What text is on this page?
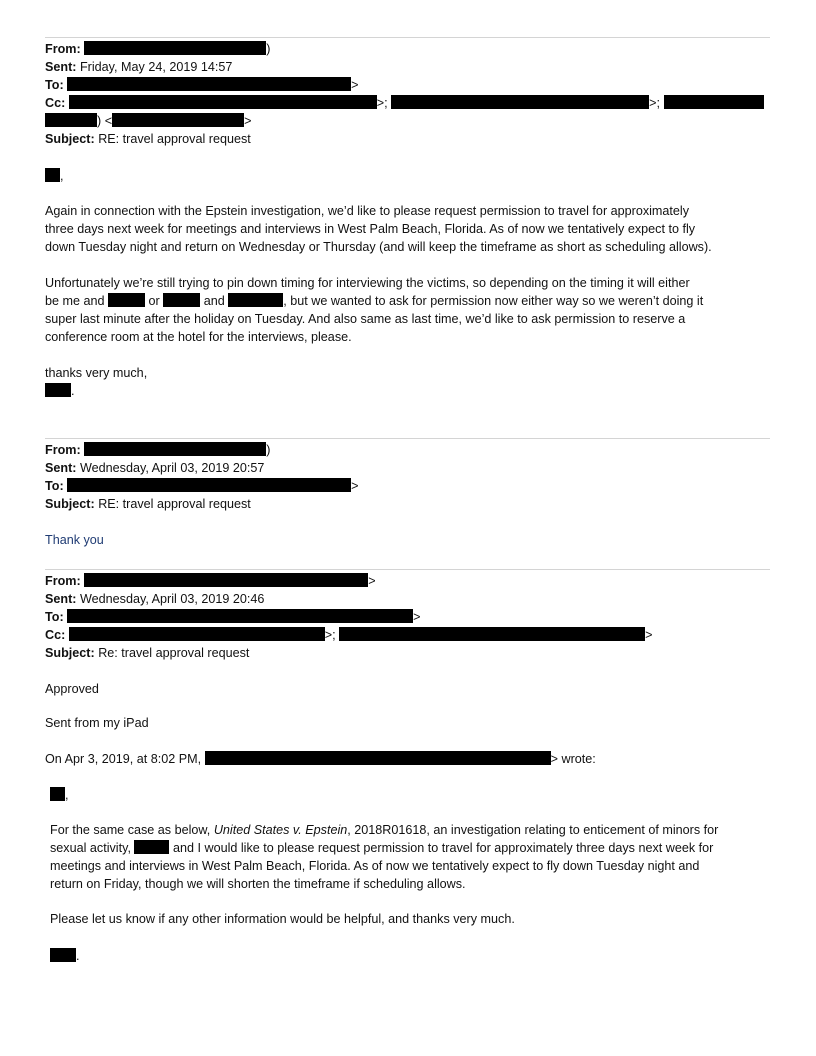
From:	)
Sent: Friday, May 24, 2019 14:57
To:	>
Cc:	>;	>;
) <	>
Subject: RE: travel approval request
,
Again in connection with the Epstein investigation, we’d like to please request permission to travel for approximately
three days next week for meetings and interviews in West Palm Beach, Florida. As of now we tentatively expect to fly
down Tuesday night and return on Wednesday or Thursday (and will keep the timeframe as short as scheduling allows).
Unfortunately we’re still trying to pin down timing for interviewing the victims, so depending on the timing it will either
be me and	or	and	, but we wanted to ask for permission now either way so we weren’t doing it
super last minute after the holiday on Tuesday. And also same as last time, we’d like to ask permission to reserve a
conference room at the hotel for the interviews, please.
thanks very much,
.
From:	)
Sent: Wednesday, April 03, 2019 20:57
To:	>
Subject: RE: travel approval request
Thank you
From:	>
Sent: Wednesday, April 03, 2019 20:46
To:	>
Cc:	>;	>
Subject: Re: travel approval request
Approved
Sent from my iPad
On Apr 3, 2019, at 8:02 PM,	> wrote:
,
For the same case as below, United States v. Epstein, 2018R01618, an investigation relating to enticement of minors for
sexual activity,	and I would like to please request permission to travel for approximately three days next week for
meetings and interviews in West Palm Beach, Florida. As of now we tentatively expect to fly down Tuesday night and
return on Friday, though we will shorten the timeframe if scheduling allows.
Please let us know if any other information would be helpful, and thanks very much.
.
